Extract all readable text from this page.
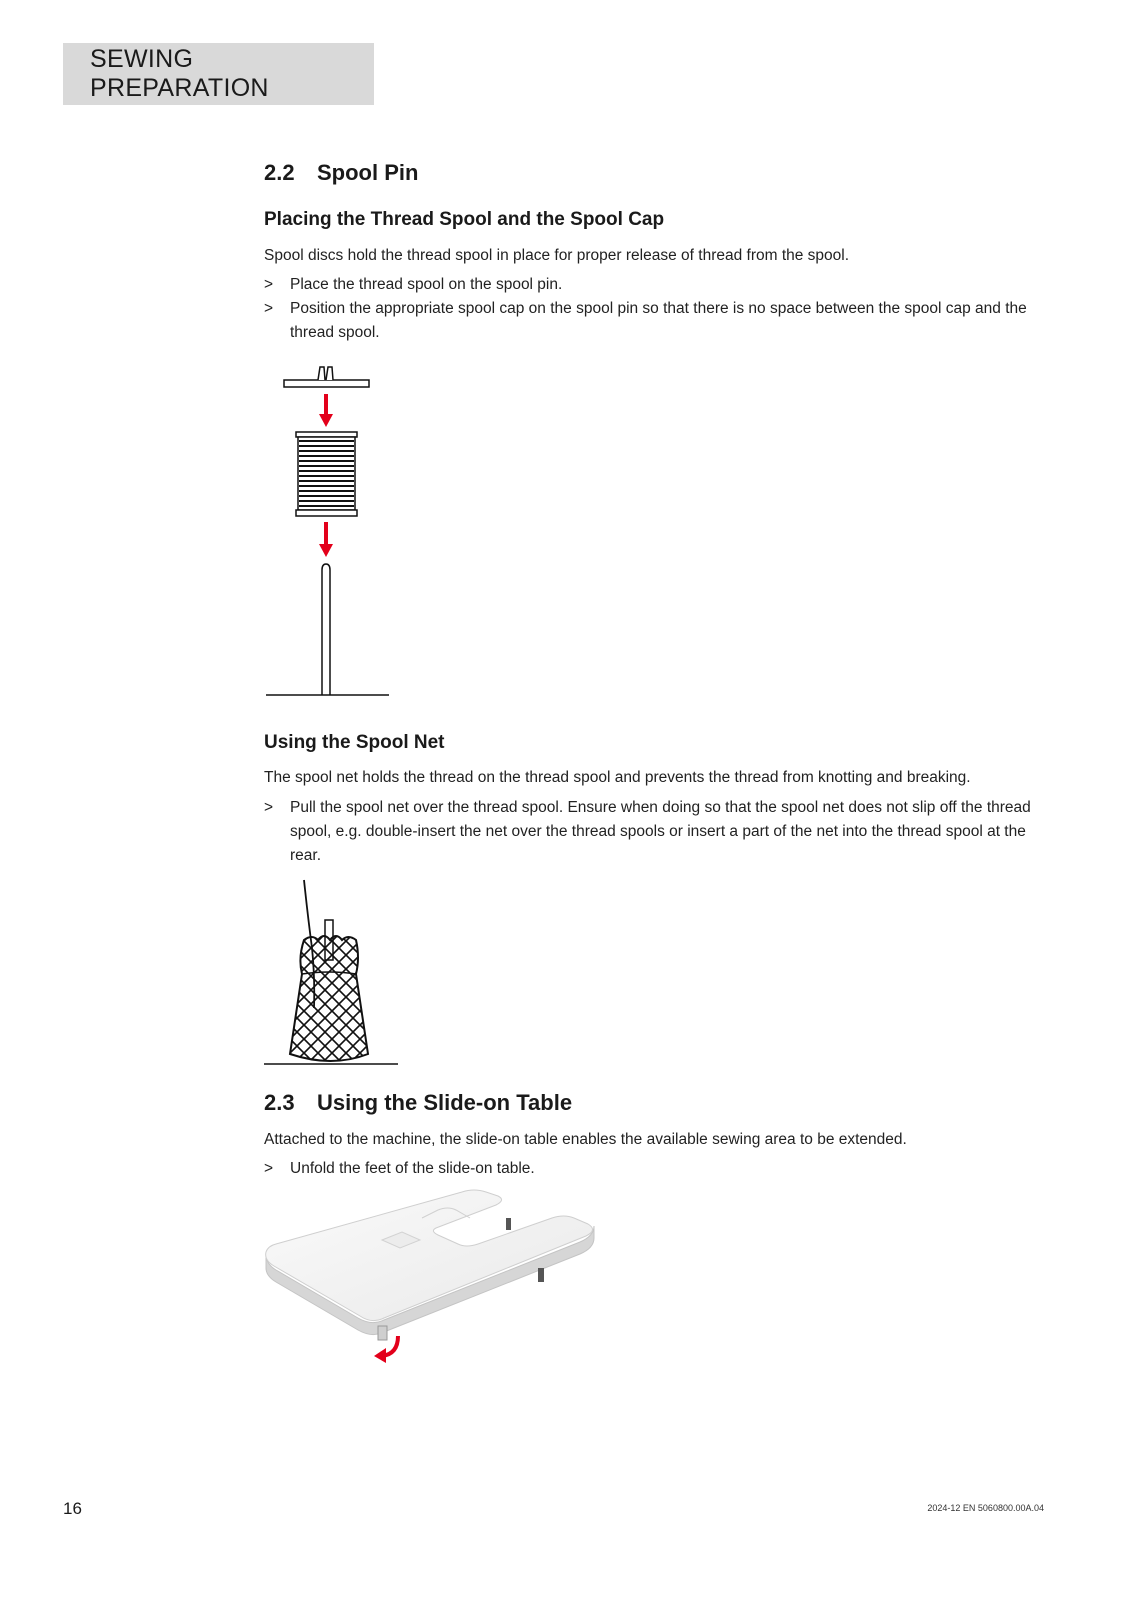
SEWING PREPARATION
2.2 Spool Pin
Placing the Thread Spool and the Spool Cap

Spool discs hold the thread spool in place for proper release of thread from the spool.

> Place the thread spool on the spool pin.
> Position the appropriate spool cap on the spool pin so that there is no space between the spool cap and the thread spool.
Using the Spool Net

The spool net holds the thread on the thread spool and prevents the thread from knotting and breaking.

> Pull the spool net over the thread spool. Ensure when doing so that the spool net does not slip off the thread spool, e.g. double-insert the net over the thread spools or insert a part of the net into the thread spool at the rear.
2.3 Using the Slide-on Table

Attached to the machine, the slide-on table enables the available sewing area to be extended.

> Unfold the feet of the slide-on table.
16	2024-12 EN 5060800.00A.04
